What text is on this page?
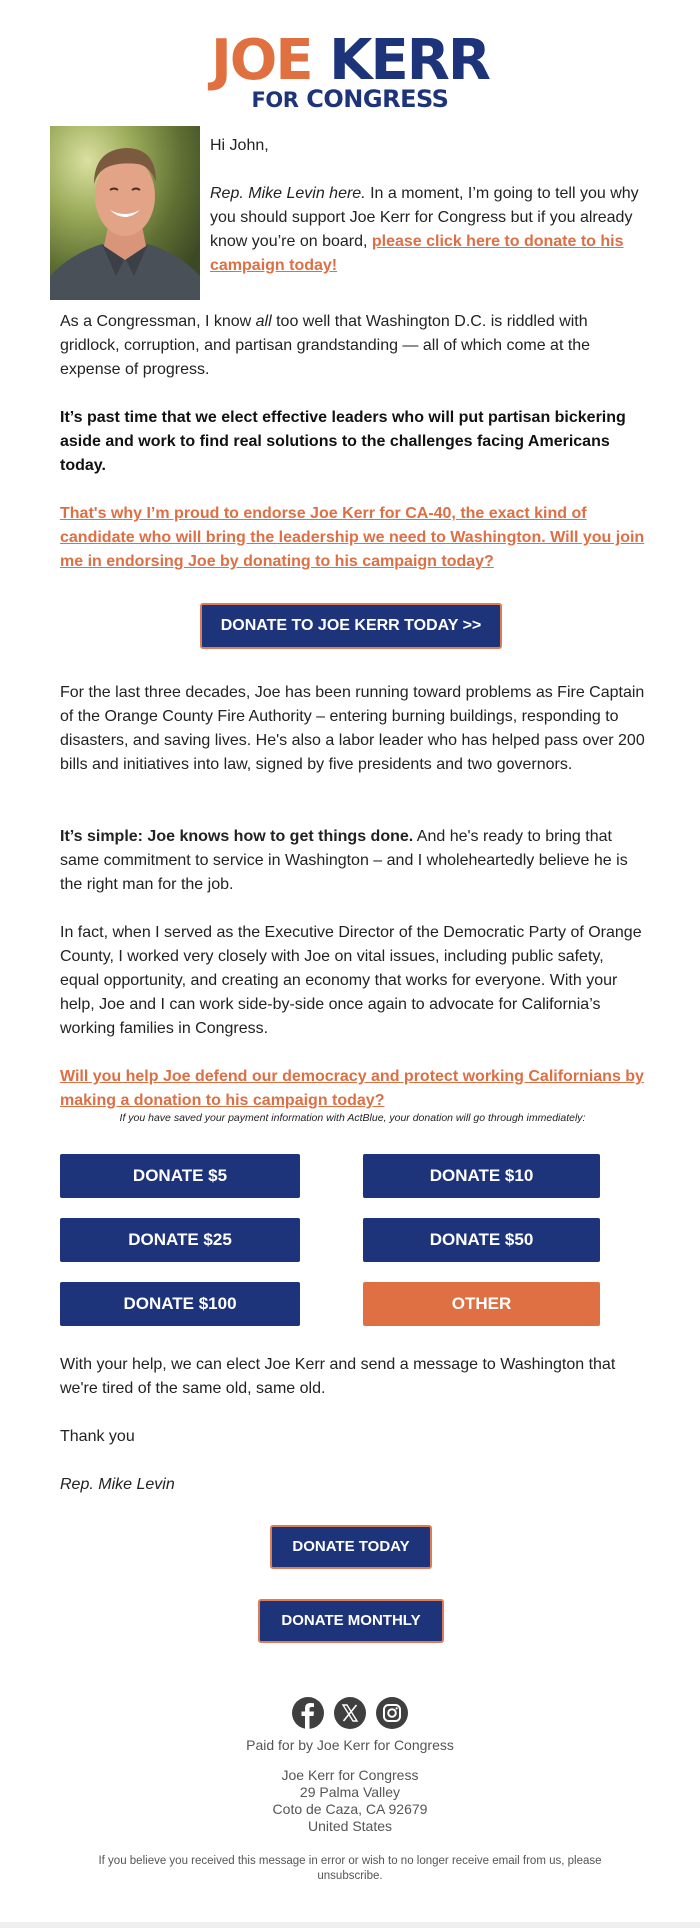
JOE KERR
FOR CONGRESS

Hi John,

Rep. Mike Levin here. In a moment, I’m going to tell you why you should support Joe Kerr for Congress but if you already know you’re on board, please click here to donate to his campaign today!

As a Congressman, I know all too well that Washington D.C. is riddled with gridlock, corruption, and partisan grandstanding — all of which come at the expense of progress.

It’s past time that we elect effective leaders who will put partisan bickering aside and work to find real solutions to the challenges facing Americans today.

That's why I’m proud to endorse Joe Kerr for CA-40, the exact kind of candidate who will bring the leadership we need to Washington. Will you join me in endorsing Joe by donating to his campaign today?

DONATE TO JOE KERR TODAY >>

For the last three decades, Joe has been running toward problems as Fire Captain of the Orange County Fire Authority – entering burning buildings, responding to disasters, and saving lives. He's also a labor leader who has helped pass over 200 bills and initiatives into law, signed by five presidents and two governors.

It’s simple: Joe knows how to get things done. And he's ready to bring that same commitment to service in Washington – and I wholeheartedly believe he is the right man for the job.

In fact, when I served as the Executive Director of the Democratic Party of Orange County, I worked very closely with Joe on vital issues, including public safety, equal opportunity, and creating an economy that works for everyone. With your help, Joe and I can work side-by-side once again to advocate for California’s working families in Congress.

Will you help Joe defend our democracy and protect working Californians by making a donation to his campaign today?

If you have saved your payment information with ActBlue, your donation will go through immediately:

DONATE $5	DONATE $10
DONATE $25	DONATE $50
DONATE $100	OTHER

With your help, we can elect Joe Kerr and send a message to Washington that we're tired of the same old, same old.

Thank you

Rep. Mike Levin

DONATE TODAY
DONATE MONTHLY

Paid for by Joe Kerr for Congress
Joe Kerr for Congress
29 Palma Valley
Coto de Caza, CA 92679
United States
If you believe you received this message in error or wish to no longer receive email from us, please unsubscribe.
